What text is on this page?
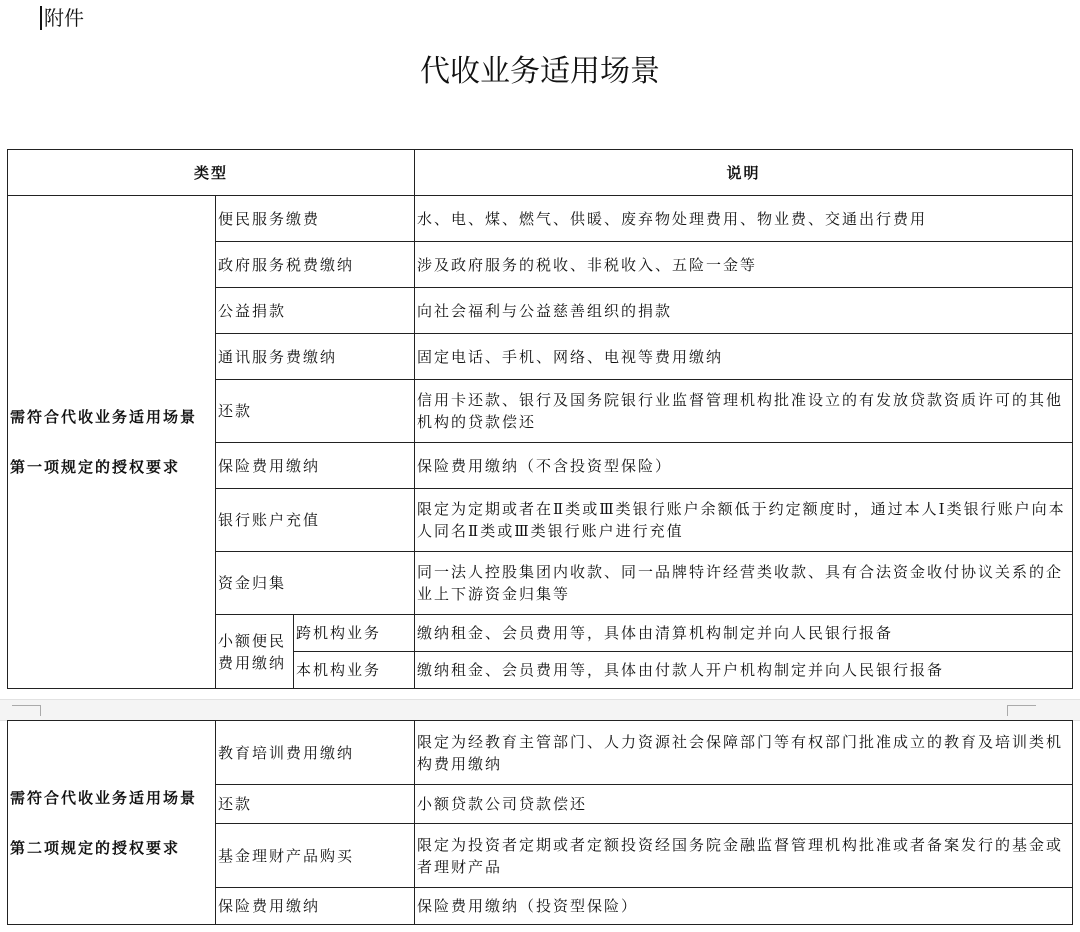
附件
代收业务适用场景
类型			说明

需符合代收业务适用场景
第一项规定的授权要求	便民服务缴费		水、电、煤、燃气、供暖、废弃物处理费用、物业费、交通出行费用
	政府服务税费缴纳		涉及政府服务的税收、非税收入、五险一金等
	公益捐款		向社会福利与公益慈善组织的捐款
	通讯服务费缴纳		固定电话、手机、网络、电视等费用缴纳
	还款		信用卡还款、银行及国务院银行业监督管理机构批准设立的有发放贷款资质许可的其他机构的贷款偿还
	保险费用缴纳		保险费用缴纳（不含投资型保险）
	银行账户充值		限定为定期或者在Ⅱ类或Ⅲ类银行账户余额低于约定额度时，通过本人Ⅰ类银行账户向本人同名Ⅱ类或Ⅲ类银行账户进行充值
	资金归集		同一法人控股集团内收款、同一品牌特许经营类收款、具有合法资金收付协议关系的企业上下游资金归集等
	小额便民费用缴纳	跨机构业务	缴纳租金、会员费用等，具体由清算机构制定并向人民银行报备
		本机构业务	缴纳租金、会员费用等，具体由付款人开户机构制定并向人民银行报备
需符合代收业务适用场景
第二项规定的授权要求	教育培训费用缴纳	限定为经教育主管部门、人力资源社会保障部门等有权部门批准成立的教育及培训类机构费用缴纳
	还款	小额贷款公司贷款偿还
	基金理财产品购买	限定为投资者定期或者定额投资经国务院金融监督管理机构批准或者备案发行的基金或者理财产品
	保险费用缴纳	保险费用缴纳（投资型保险）
